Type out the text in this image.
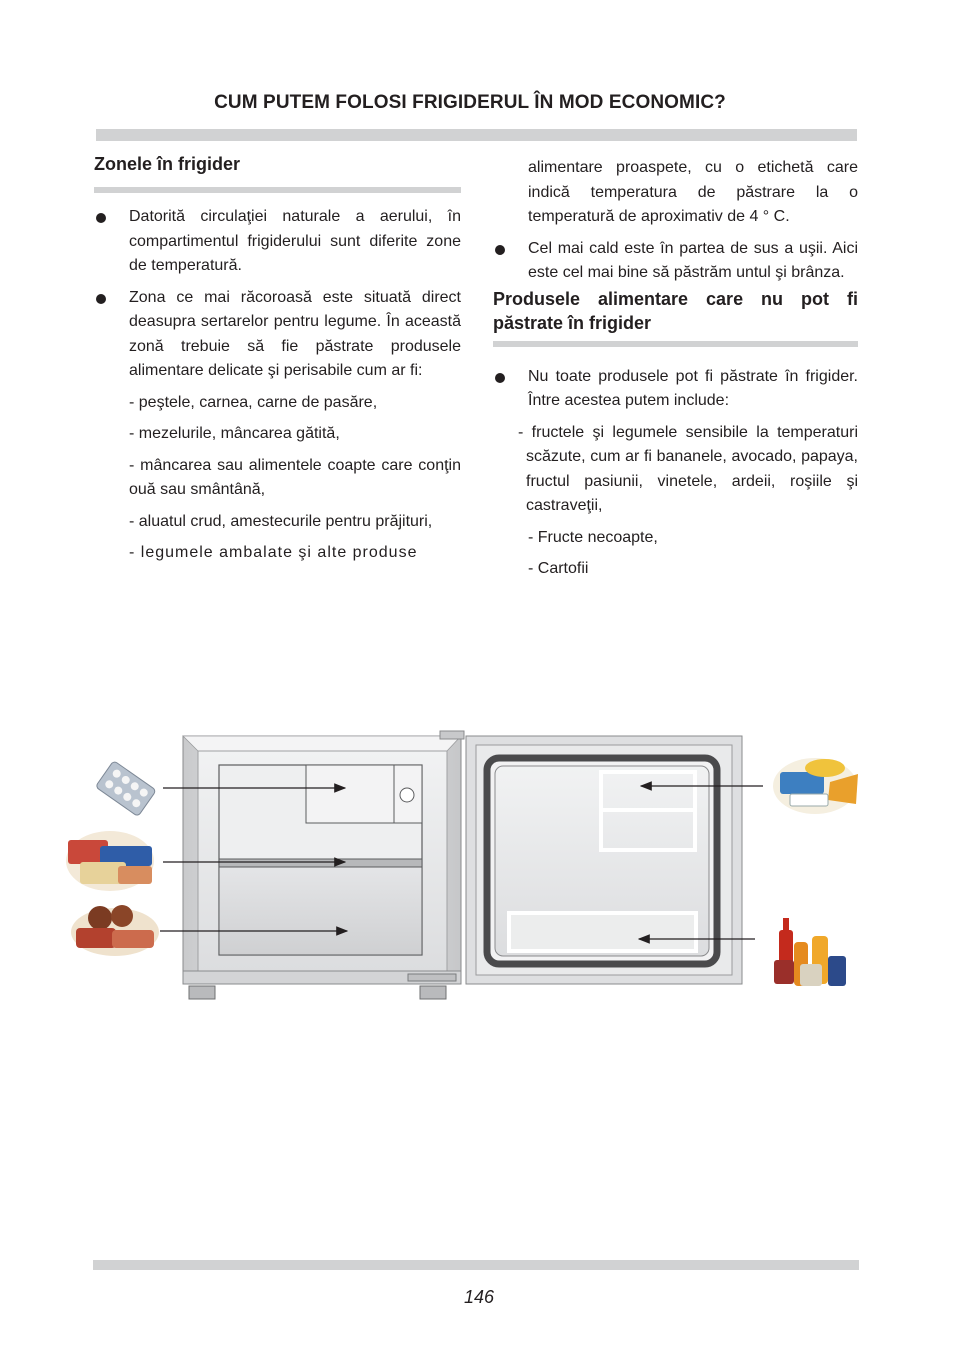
CUM PUTEM FOLOSI FRIGIDERUL ÎN MOD ECONOMIC?
Zonele în frigider

Datorită circulaţiei naturale a aerului, în compartimentul frigiderului sunt diferite zone de temperatură.

Zona ce mai răcoroasă este situată direct deasupra sertarelor pentru legume. În această zonă trebuie să fie păstrate produsele alimentare delicate şi perisabile cum ar fi:

- peştele, carnea, carne de pasăre,

- mezelurile, mâncarea gătită,

- mâncarea sau alimentele coapte care conţin ouă sau smântână,

- aluatul crud, amestecurile pentru prăjituri,

- legumele ambalate şi alte produse

alimentare proaspete, cu o etichetă care indică temperatura de păstrare la o temperatură de aproximativ de 4 ° C.

Cel mai cald este în partea de sus a uşii. Aici este cel mai bine să păstrăm untul şi brânza.

Produsele alimentare care nu pot fi păstrate în frigider

Nu toate produsele pot fi păstrate în frigider. Între acestea putem include:

- fructele şi legumele sensibile la temperaturi scăzute, cum ar fi bananele, avocado, papaya, fructul pasiunii, vinetele, ardeii, roşiile şi castraveţii,

- Fructe necoapte,

- Cartofii

146
